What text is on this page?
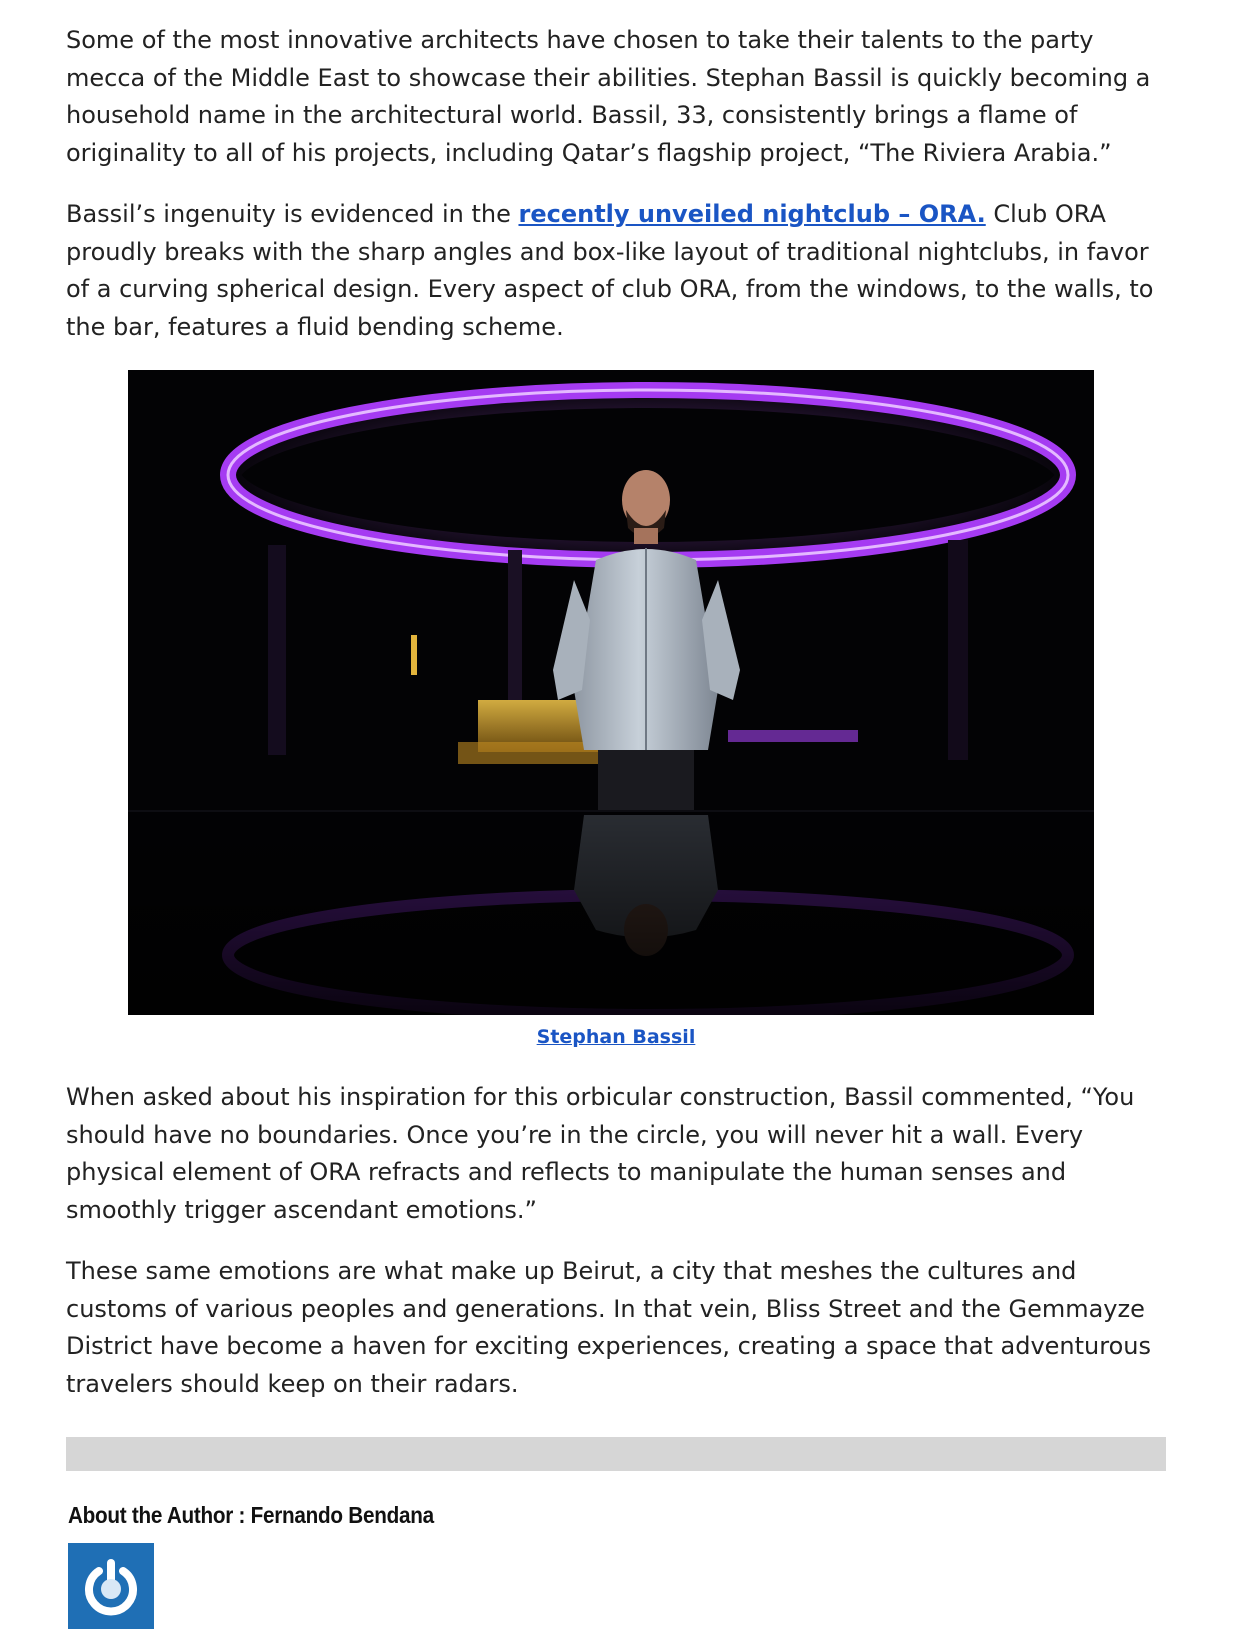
Some of the most innovative architects have chosen to take their talents to the party mecca of the Middle East to showcase their abilities. Stephan Bassil is quickly becoming a household name in the architectural world. Bassil, 33, consistently brings a flame of originality to all of his projects, including Qatar’s flagship project, “The Riviera Arabia.”

Bassil’s ingenuity is evidenced in the recently unveiled nightclub – ORA. Club ORA proudly breaks with the sharp angles and box-like layout of traditional nightclubs, in favor of a curving spherical design. Every aspect of club ORA, from the windows, to the walls, to the bar, features a fluid bending scheme.

Stephan Bassil

When asked about his inspiration for this orbicular construction, Bassil commented, “You should have no boundaries. Once you’re in the circle, you will never hit a wall. Every physical element of ORA refracts and reflects to manipulate the human senses and smoothly trigger ascendant emotions.”

These same emotions are what make up Beirut, a city that meshes the cultures and customs of various peoples and generations. In that vein, Bliss Street and the Gemmayze District have become a haven for exciting experiences, creating a space that adventurous travelers should keep on their radars.

About the Author : Fernando Bendana
